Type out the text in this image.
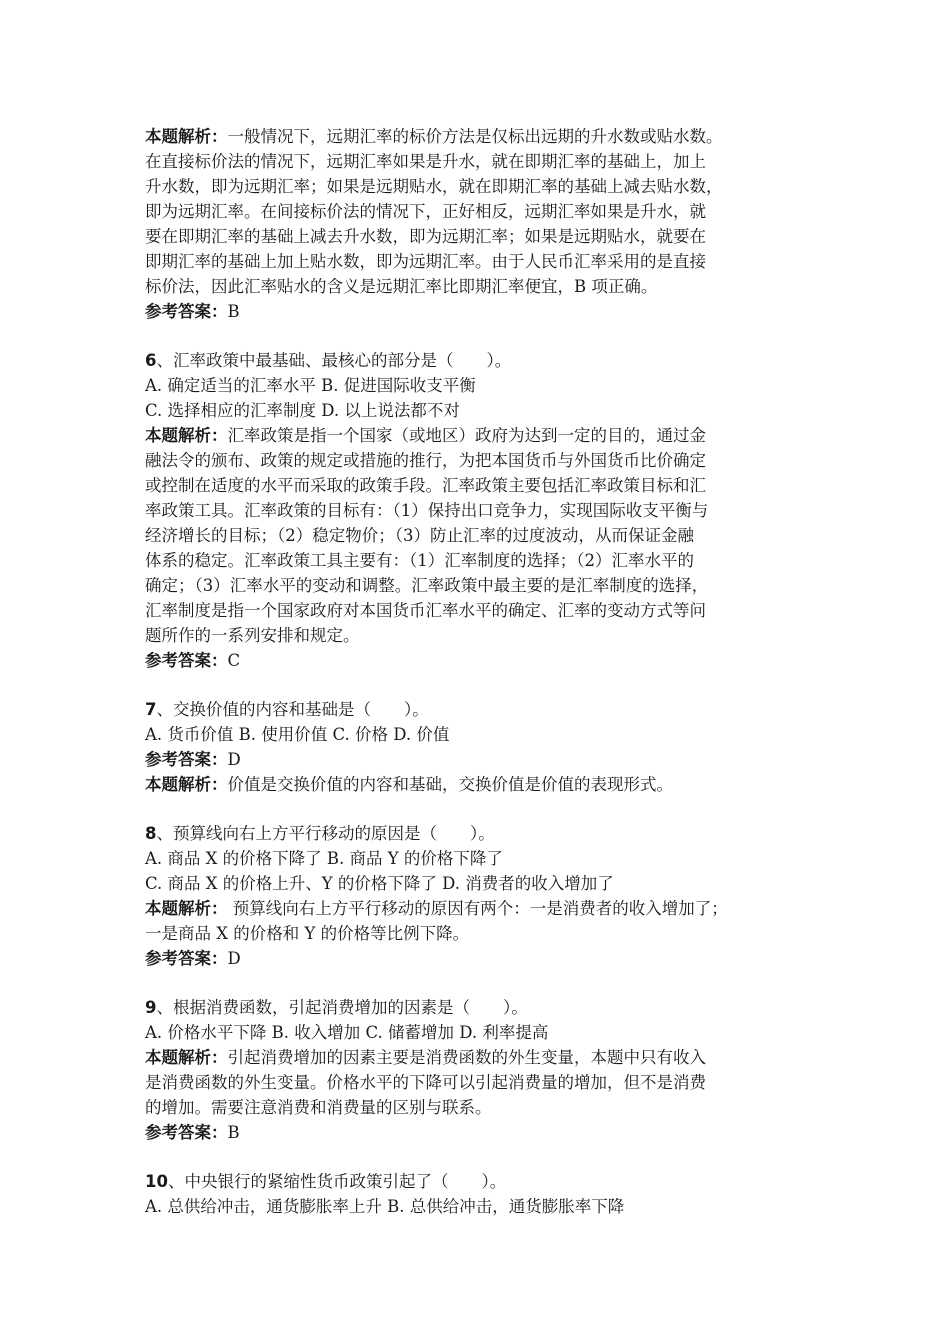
本题解析：一般情况下，远期汇率的标价方法是仅标出远期的升水数或贴水数。
在直接标价法的情况下，远期汇率如果是升水，就在即期汇率的基础上，加上
升水数，即为远期汇率；如果是远期贴水，就在即期汇率的基础上减去贴水数，
即为远期汇率。在间接标价法的情况下，正好相反，远期汇率如果是升水，就
要在即期汇率的基础上减去升水数，即为远期汇率；如果是远期贴水，就要在
即期汇率的基础上加上贴水数，即为远期汇率。由于人民币汇率采用的是直接
标价法，因此汇率贴水的含义是远期汇率比即期汇率便宜，B 项正确。
参考答案：B
6、汇率政策中最基础、最核心的部分是（　　）。
A. 确定适当的汇率水平 B. 促进国际收支平衡
C. 选择相应的汇率制度 D. 以上说法都不对
本题解析：汇率政策是指一个国家（或地区）政府为达到一定的目的，通过金
融法令的颁布、政策的规定或措施的推行，为把本国货币与外国货币比价确定
或控制在适度的水平而采取的政策手段。汇率政策主要包括汇率政策目标和汇
率政策工具。汇率政策的目标有：（1）保持出口竞争力，实现国际收支平衡与
经济增长的目标；（2）稳定物价；（3）防止汇率的过度波动，从而保证金融
体系的稳定。汇率政策工具主要有：（1）汇率制度的选择；（2）汇率水平的
确定；（3）汇率水平的变动和调整。汇率政策中最主要的是汇率制度的选择，
汇率制度是指一个国家政府对本国货币汇率水平的确定、汇率的变动方式等问
题所作的一系列安排和规定。
参考答案：C
7、交换价值的内容和基础是（　　）。
A. 货币价值 B. 使用价值 C. 价格 D. 价值
参考答案：D
本题解析：价值是交换价值的内容和基础，交换价值是价值的表现形式。
8、预算线向右上方平行移动的原因是（　　）。
A. 商品 X 的价格下降了 B. 商品 Y 的价格下降了
C. 商品 X 的价格上升、Y 的价格下降了 D. 消费者的收入增加了
本题解析： 预算线向右上方平行移动的原因有两个：一是消费者的收入增加了；
一是商品 X 的价格和 Y 的价格等比例下降。
参考答案：D
9、根据消费函数，引起消费增加的因素是（　　）。
A. 价格水平下降 B. 收入增加 C. 储蓄增加 D. 利率提高
本题解析：引起消费增加的因素主要是消费函数的外生变量，本题中只有收入
是消费函数的外生变量。价格水平的下降可以引起消费量的增加，但不是消费
的增加。需要注意消费和消费量的区别与联系。
参考答案：B
10、中央银行的紧缩性货币政策引起了（　　）。
A. 总供给冲击，通货膨胀率上升 B. 总供给冲击，通货膨胀率下降
